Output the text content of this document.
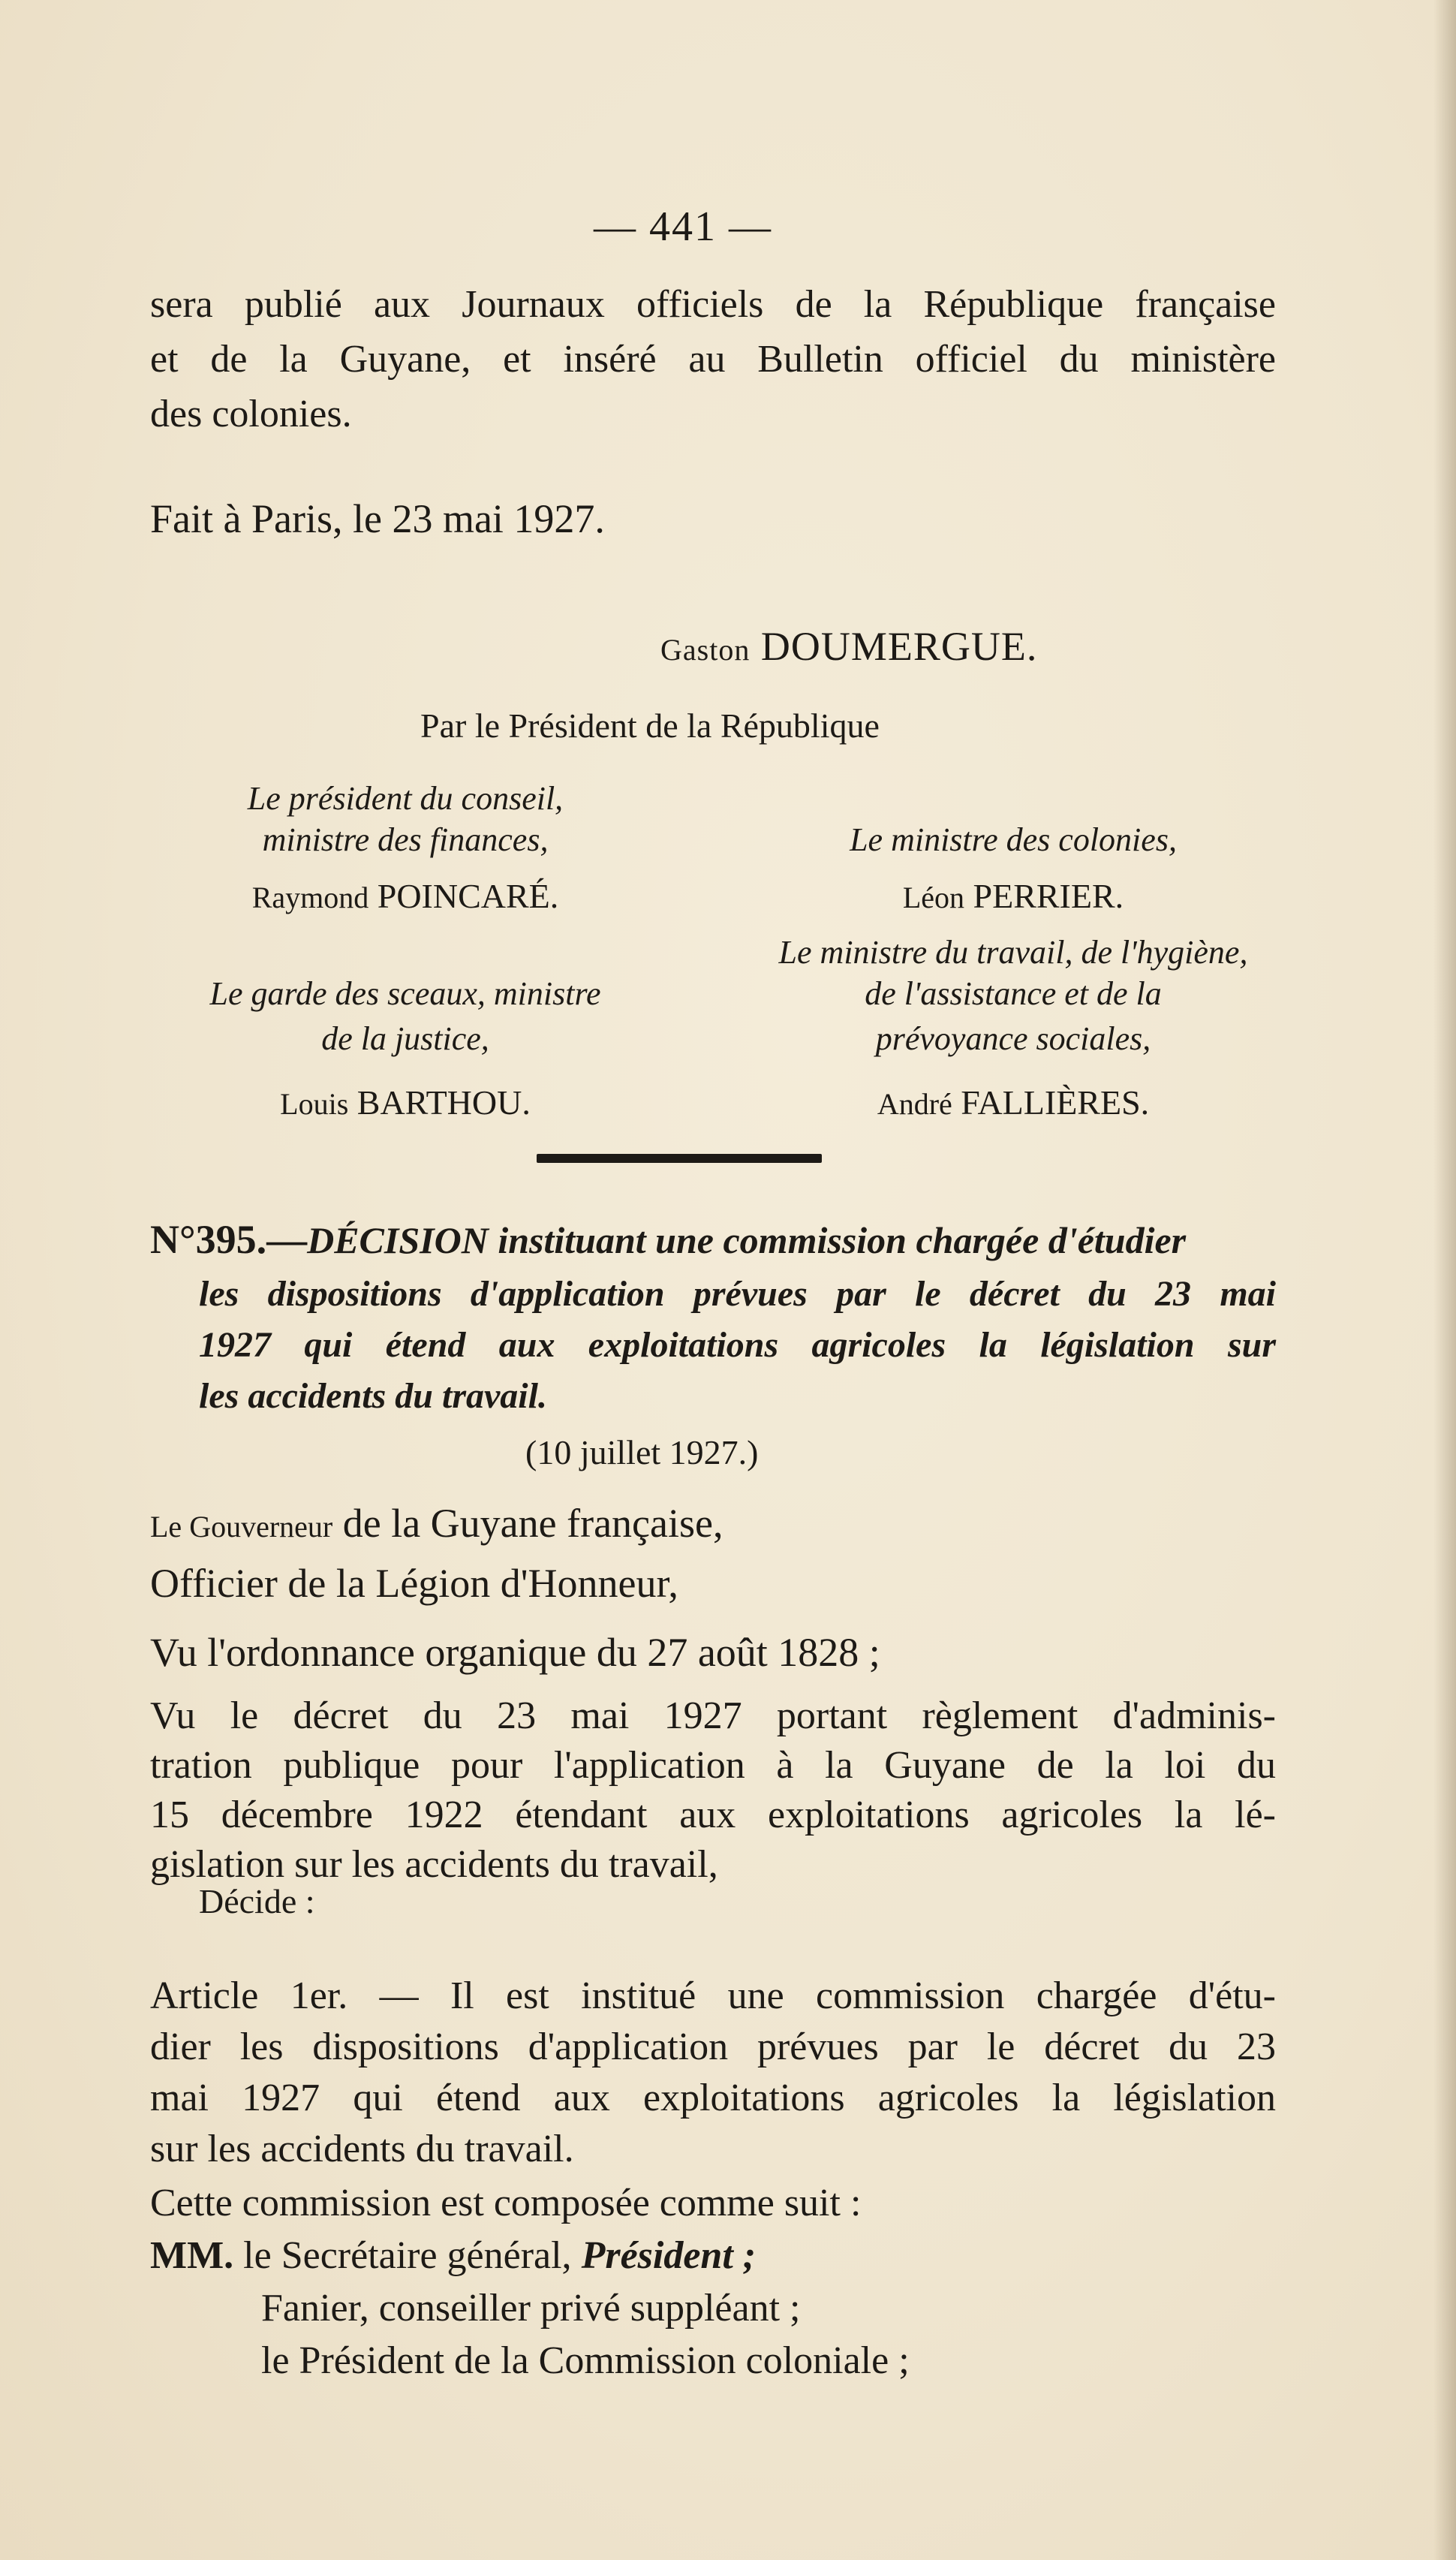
— 441 —
sera publié aux Journaux officiels de la République française
et de la Guyane, et inséré au Bulletin officiel du ministère
des colonies.
Fait à Paris, le 23 mai 1927.
Gaston DOUMERGUE.
Par le Président de la République
Le président du conseil,
ministre des finances,
Raymond POINCARÉ.
Le ministre des colonies,
Léon PERRIER.
Le garde des sceaux, ministre
de la justice,
Louis BARTHOU.
Le ministre du travail, de l'hygiène,
de l'assistance et de la
prévoyance sociales,
André FALLIÈRES.
N°395.—DÉCISION instituant une commission chargée d'étudier
les dispositions d'application prévues par le décret du 23 mai
1927 qui étend aux exploitations agricoles la législation sur
les accidents du travail.
(10 juillet 1927.)
Le Gouverneur de la Guyane française,
Officier de la Légion d'Honneur,
Vu l'ordonnance organique du 27 août 1828 ;
Vu le décret du 23 mai 1927 portant règlement d'adminis-
tration publique pour l'application à la Guyane de la loi du
15 décembre 1922 étendant aux exploitations agricoles la lé-
gislation sur les accidents du travail,
Décide :
Article 1er. — Il est institué une commission chargée d'étu-
dier les dispositions d'application prévues par le décret du 23
mai 1927 qui étend aux exploitations agricoles la législation
sur les accidents du travail.
Cette commission est composée comme suit :
MM. le Secrétaire général, Président ;
Fanier, conseiller privé suppléant ;
le Président de la Commission coloniale ;
